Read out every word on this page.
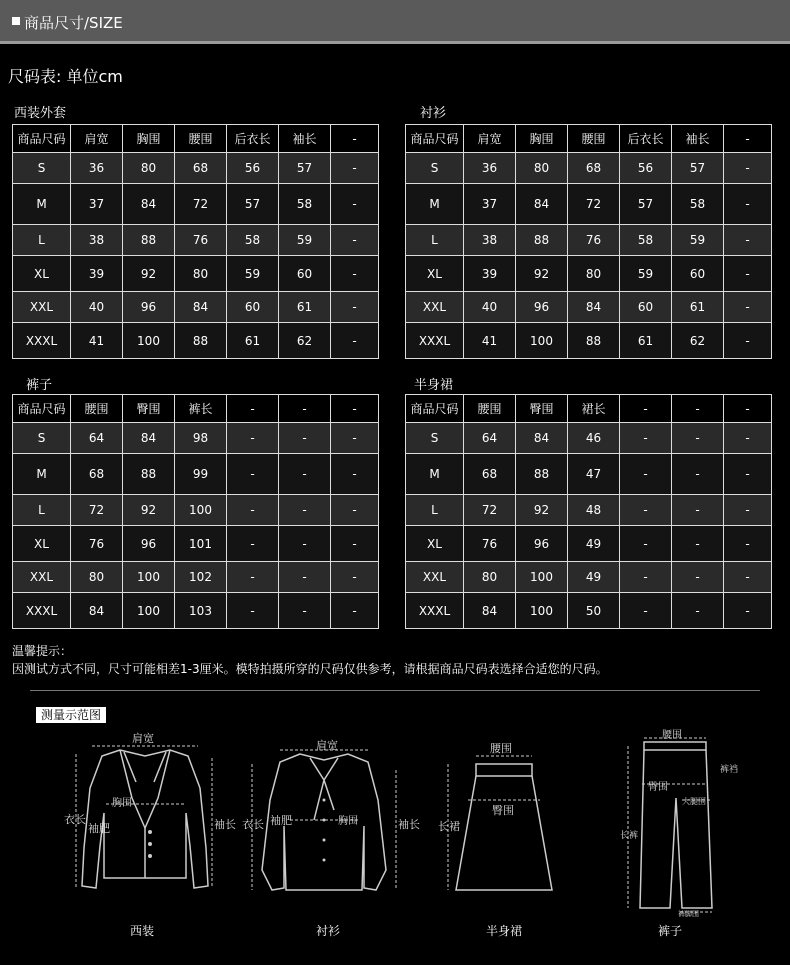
商品尺寸/SIZE
尺码表: 单位cm
西装外套
商品尺码	肩宽	胸围	腰围	后衣长	袖长	-
S	36	80	68	56	57	-
M	37	84	72	57	58	-
L	38	88	76	58	59	-
XL	39	92	80	59	60	-
XXL	40	96	84	60	61	-
XXXL	41	100	88	61	62	-
衬衫
商品尺码	肩宽	胸围	腰围	后衣长	袖长	-
S	36	80	68	56	57	-
M	37	84	72	57	58	-
L	38	88	76	58	59	-
XL	39	92	80	59	60	-
XXL	40	96	84	60	61	-
XXXL	41	100	88	61	62	-
裤子
商品尺码	腰围	臀围	裤长	-	-	-
S	64	84	98	-	-	-
M	68	88	99	-	-	-
L	72	92	100	-	-	-
XL	76	96	101	-	-	-
XXL	80	100	102	-	-	-
XXXL	84	100	103	-	-	-
半身裙
商品尺码	腰围	臀围	裙长	-	-	-
S	64	84	46	-	-	-
M	68	88	47	-	-	-
L	72	92	48	-	-	-
XL	76	96	49	-	-	-
XXL	80	100	49	-	-	-
XXXL	84	100	50	-	-	-
温馨提示：
因测试方式不同，尺寸可能相差1-3厘米。模特拍摄所穿的尺码仅供参考，请根据商品尺码表选择合适您的尺码。
测量示范图
肩宽
胸围
袖肥
衣长	袖长
肩宽
胸围
袖肥
衣长	袖长
腰围
臀围
长裙
腰围
裤裆
臀围
大腿围
长裤
裤脚围
西装	衬衫	半身裙	裤子
